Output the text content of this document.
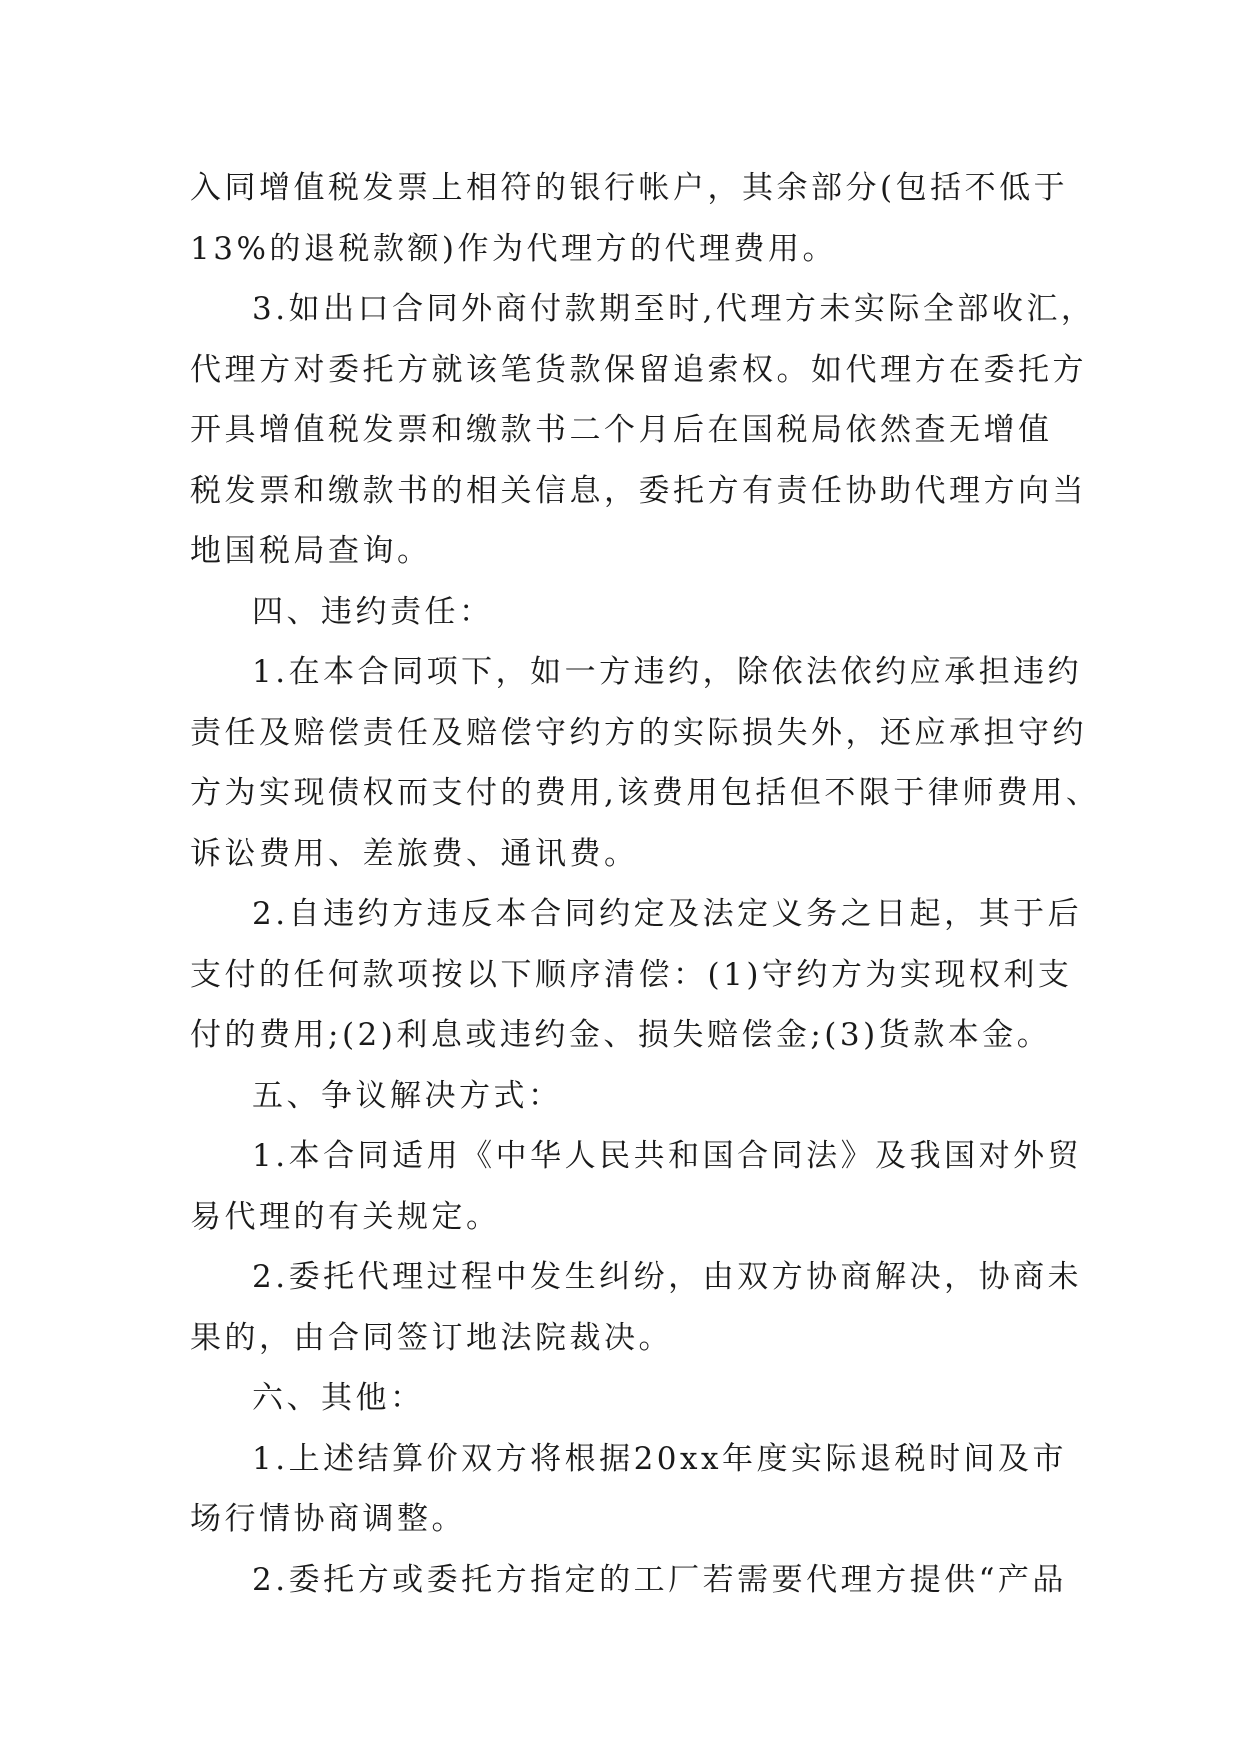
入同增值税发票上相符的银行帐户，其余部分(包括不低于
13%的退税款额)作为代理方的代理费用。
3.如出口合同外商付款期至时,代理方未实际全部收汇，
代理方对委托方就该笔货款保留追索权。如代理方在委托方
开具增值税发票和缴款书二个月后在国税局依然查无增值
税发票和缴款书的相关信息，委托方有责任协助代理方向当
地国税局查询。
四、违约责任：
1.在本合同项下，如一方违约，除依法依约应承担违约
责任及赔偿责任及赔偿守约方的实际损失外，还应承担守约
方为实现债权而支付的费用,该费用包括但不限于律师费用、
诉讼费用、差旅费、通讯费。
2.自违约方违反本合同约定及法定义务之日起，其于后
支付的任何款项按以下顺序清偿：(1)守约方为实现权利支
付的费用;(2)利息或违约金、损失赔偿金;(3)货款本金。
五、争议解决方式：
1.本合同适用《中华人民共和国合同法》及我国对外贸
易代理的有关规定。
2.委托代理过程中发生纠纷，由双方协商解决，协商未
果的，由合同签订地法院裁决。
六、其他：
1.上述结算价双方将根据20xx年度实际退税时间及市
场行情协商调整。
2.委托方或委托方指定的工厂若需要代理方提供“产品
